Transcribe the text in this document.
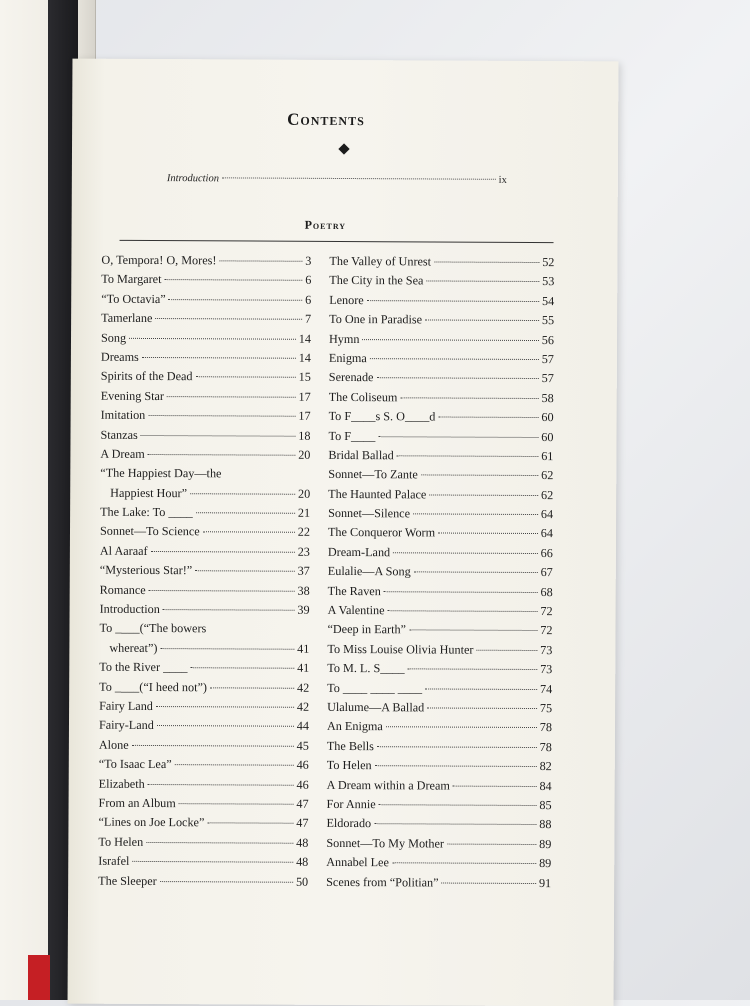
Contents
Introduction	ix
Poetry
O, Tempora! O, Mores!	3
To Margaret	6
“To Octavia”	6
Tamerlane	7
Song	14
Dreams	14
Spirits of the Dead	15
Evening Star	17
Imitation	17
Stanzas	18
A Dream	20
“The Happiest Day—the
Happiest Hour”	20
The Lake: To ____	21
Sonnet—To Science	22
Al Aaraaf	23
“Mysterious Star!”	37
Romance	38
Introduction	39
To ____(“The bowers
whereat”)	41
To the River ____	41
To ____(“I heed not”)	42
Fairy Land	42
Fairy-Land	44
Alone	45
“To Isaac Lea”	46
Elizabeth	46
From an Album	47
“Lines on Joe Locke”	47
To Helen	48
Israfel	48
The Sleeper	50
The Valley of Unrest	52
The City in the Sea	53
Lenore	54
To One in Paradise	55
Hymn	56
Enigma	57
Serenade	57
The Coliseum	58
To F____s S. O____d	60
To F____	60
Bridal Ballad	61
Sonnet—To Zante	62
The Haunted Palace	62
Sonnet—Silence	64
The Conqueror Worm	64
Dream-Land	66
Eulalie—A Song	67
The Raven	68
A Valentine	72
“Deep in Earth”	72
To Miss Louise Olivia Hunter	73
To M. L. S____	73
To ____ ____ ____	74
Ulalume—A Ballad	75
An Enigma	78
The Bells	78
To Helen	82
A Dream within a Dream	84
For Annie	85
Eldorado	88
Sonnet—To My Mother	89
Annabel Lee	89
Scenes from “Politian”	91
